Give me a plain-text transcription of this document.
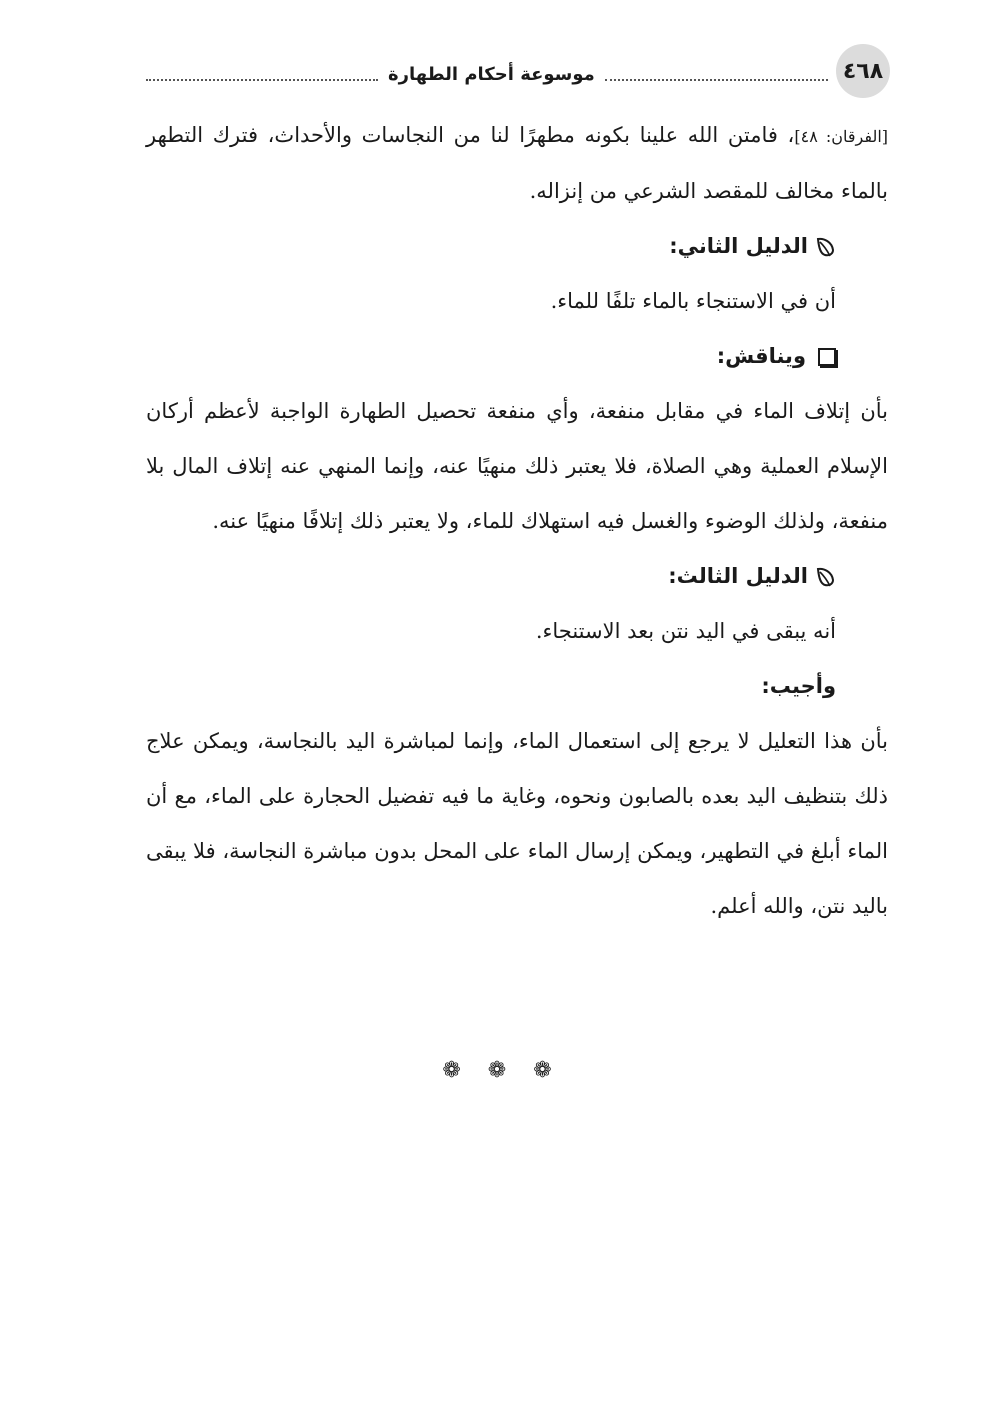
٤٦٨
موسوعة أحكام الطهارة

[الفرقان: ٤٨]، فامتن الله علينا بكونه مطهرًا لنا من النجاسات والأحداث، فترك التطهر بالماء مخالف للمقصد الشرعي من إنزاله.

الدليل الثاني:

أن في الاستنجاء بالماء تلفًا للماء.

ويناقش:

بأن إتلاف الماء في مقابل منفعة، وأي منفعة تحصيل الطهارة الواجبة لأعظم أركان الإسلام العملية وهي الصلاة، فلا يعتبر ذلك منهيًا عنه، وإنما المنهي عنه إتلاف المال بلا منفعة، ولذلك الوضوء والغسل فيه استهلاك للماء، ولا يعتبر ذلك إتلافًا منهيًا عنه.

الدليل الثالث:

أنه يبقى في اليد نتن بعد الاستنجاء.

وأجيب:

بأن هذا التعليل لا يرجع إلى استعمال الماء، وإنما لمباشرة اليد بالنجاسة، ويمكن علاج ذلك بتنظيف اليد بعده بالصابون ونحوه، وغاية ما فيه تفضيل الحجارة على الماء، مع أن الماء أبلغ في التطهير، ويمكن إرسال الماء على المحل بدون مباشرة النجاسة، فلا يبقى باليد نتن، والله أعلم.

❁ ❁ ❁
